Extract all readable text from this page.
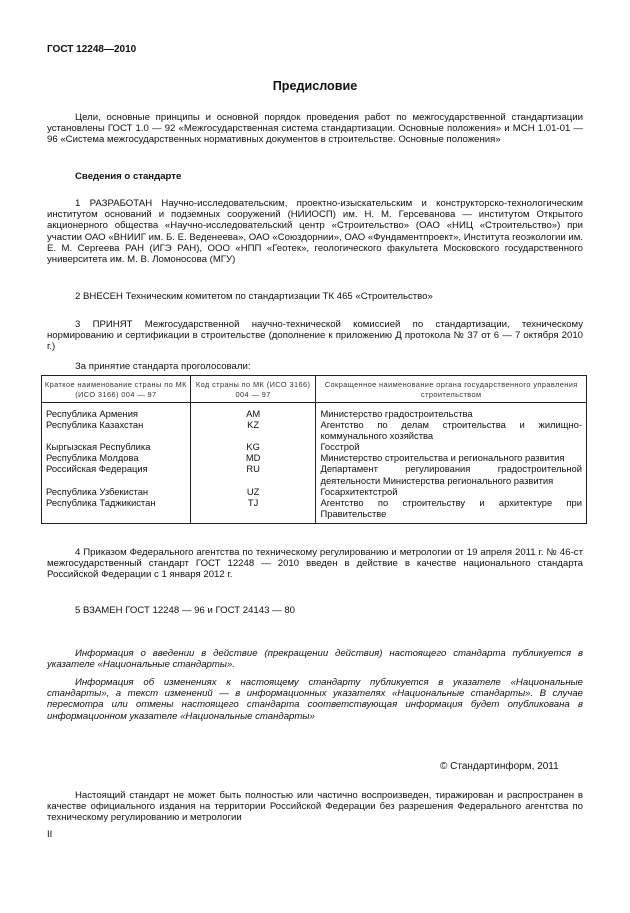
ГОСТ 12248—2010
Предисловие
Цели, основные принципы и основной порядок проведения работ по межгосударственной стандартизации установлены ГОСТ 1.0 — 92 «Межгосударственная система стандартизации. Основные положения» и МСН 1.01-01 — 96 «Система межгосударственных нормативных документов в строительстве. Основные положения»
Сведения о стандарте
1 РАЗРАБОТАН Научно-исследовательским, проектно-изыскательским и конструкторско-технологическим институтом оснований и подземных сооружений (НИИОСП) им. Н. М. Герсеванова — институтом Открытого акционерного общества «Научно-исследовательский центр «Строительство» (ОАО «НИЦ «Строительство») при участии ОАО «ВНИИГ им. Б. Е. Веденеева», ОАО «Союздорнии», ОАО «Фундаментпроект», Института геоэкологии им. Е. М. Сергеева РАН (ИГЭ РАН), ООО «НПП «Геотек», геологического факультета Московского государственного университета им. М. В. Ломоносова (МГУ)
2 ВНЕСЕН Техническим комитетом по стандартизации ТК 465 «Строительство»
3 ПРИНЯТ Межгосударственной научно-технической комиссией по стандартизации, техническому нормированию и сертификации в строительстве (дополнение к приложению Д протокола № 37 от 6 — 7 октября 2010 г.)
За принятие стандарта проголосовали:
Краткое наименование страны по МК (ИСО 3166) 004 — 97	Код страны по МК (ИСО 3166) 004 — 97	Сокращенное наименование органа государственного управления строительством
Республика Армения	AM	Министерство градостроительства
Республика Казахстан	KZ	Агентство по делам строительства и жилищно-коммунального хозяйства
Кыргызская Республика	KG	Госстрой
Республика Молдова	MD	Министерство строительства и регионального развития
Российская Федерация	RU	Департамент регулирования градостроительной деятельности Министерства регионального развития
Республика Узбекистан	UZ	Госархитектстрой
Республика Таджикистан	TJ	Агентство по строительству и архитектуре при Правительстве
4 Приказом Федерального агентства по техническому регулированию и метрологии от 19 апреля 2011 г. № 46-ст межгосударственный стандарт ГОСТ 12248 — 2010 введен в действие в качестве национального стандарта Российской Федерации с 1 января 2012 г.
5 ВЗАМЕН ГОСТ 12248 — 96 и ГОСТ 24143 — 80
Информация о введении в действие (прекращении действия) настоящего стандарта публикуется в указателе «Национальные стандарты».
Информация об изменениях к настоящему стандарту публикуется в указателе «Национальные стандарты», а текст изменений — в информационных указателях «Национальные стандарты». В случае пересмотра или отмены настоящего стандарта соответствующая информация будет опубликована в информационном указателе «Национальные стандарты»
© Стандартинформ, 2011
Настоящий стандарт не может быть полностью или частично воспроизведен, тиражирован и распространен в качестве официального издания на территории Российской Федерации без разрешения Федерального агентства по техническому регулированию и метрологии
II
